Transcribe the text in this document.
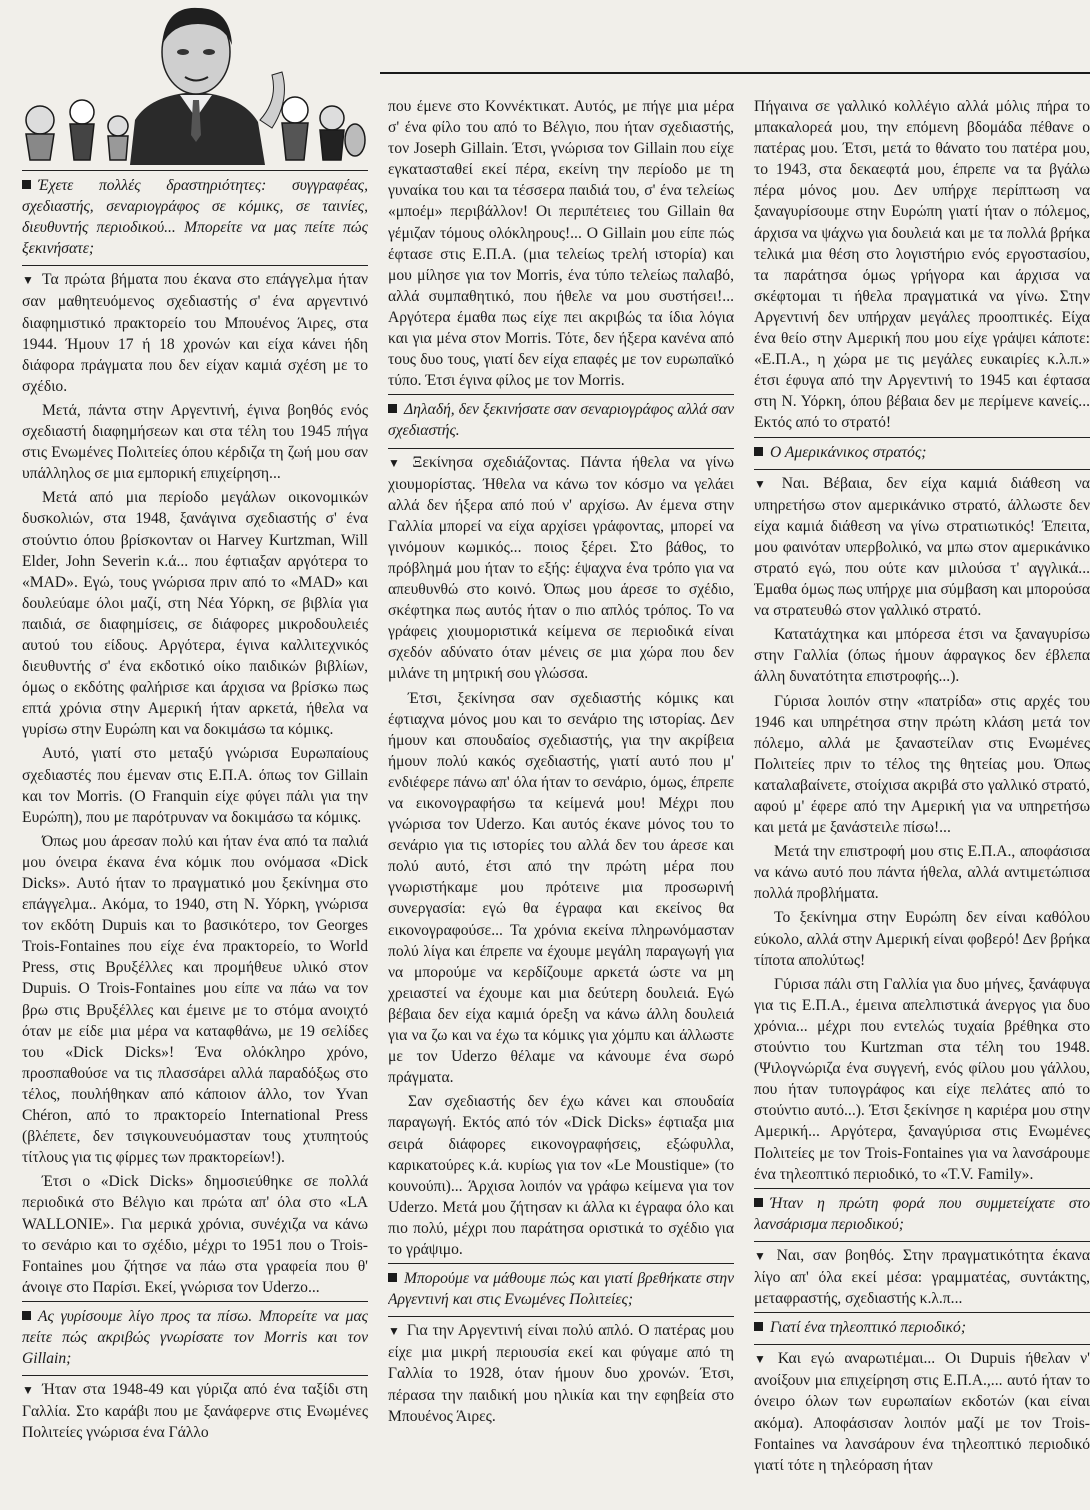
Έχετε πολλές δραστηριότητες: συγγραφέας, σχεδιαστής, σεναριογράφος σε κόμικς, σε ταινίες, διευθυντής περιοδικού... Μπορείτε να μας πείτε πώς ξεκινήσατε;

▼ Τα πρώτα βήματα που έκανα στο επάγγελμα ήταν σαν μαθητευόμενος σχεδιαστής σ' ένα αργεντινό διαφημιστικό πρακτορείο του Μπουένος Άιρες, στα 1944. Ήμουν 17 ή 18 χρονών και είχα κάνει ήδη διάφορα πράγματα που δεν είχαν καμιά σχέση με το σχέδιο.

Μετά, πάντα στην Αργεντινή, έγινα βοηθός ενός σχεδιαστή διαφημήσεων και στα τέλη του 1945 πήγα στις Ενωμένες Πολιτείες όπου κέρδιζα τη ζωή μου σαν υπάλληλος σε μια εμπορική επιχείρηση...

Μετά από μια περίοδο μεγάλων οικονομικών δυσκολιών, στα 1948, ξανάγινα σχεδιαστής σ' ένα στούντιο όπου βρίσκονταν οι Harvey Kurtzman, Will Elder, John Severin κ.ά... που έφτιαξαν αργότερα το «MAD». Εγώ, τους γνώρισα πριν από το «MAD» και δουλεύαμε όλοι μαζί, στη Νέα Υόρκη, σε βιβλία για παιδιά, σε διαφημίσεις, σε διάφορες μικροδουλειές αυτού του είδους. Αργότερα, έγινα καλλιτεχνικός διευθυντής σ' ένα εκδοτικό οίκο παιδικών βιβλίων, όμως ο εκδότης φαλήρισε και άρχισα να βρίσκω πως επτά χρόνια στην Αμερική ήταν αρκετά, ήθελα να γυρίσω στην Ευρώπη και να δοκιμάσω τα κόμικς.

Αυτό, γιατί στο μεταξύ γνώρισα Ευρωπαίους σχεδιαστές που έμεναν στις Ε.Π.Α. όπως τον Gillain και τον Morris. (Ο Franquin είχε φύγει πάλι για την Ευρώπη), που με παρότρυναν να δοκιμάσω τα κόμικς.

Όπως μου άρεσαν πολύ και ήταν ένα από τα παλιά μου όνειρα έκανα ένα κόμικ που ονόμασα «Dick Dicks». Αυτό ήταν το πραγματικό μου ξεκίνημα στο επάγγελμα.. Ακόμα, το 1940, στη Ν. Υόρκη, γνώρισα τον εκδότη Dupuis και το βασικότερο, τον Georges Trois-Fontaines που είχε ένα πρακτορείο, το World Press, στις Βρυξέλλες και προμήθευε υλικό στον Dupuis. Ο Trois-Fontaines μου είπε να πάω να τον βρω στις Βρυξέλλες και έμεινε με το στόμα ανοιχτό όταν με είδε μια μέρα να καταφθάνω, με 19 σελίδες του «Dick Dicks»! Ένα ολόκληρο χρόνο, προσπαθούσε να τις πλασσάρει αλλά παραδόξως στο τέλος, πουλήθηκαν από κάποιον άλλο, τον Yvan Chéron, από το πρακτορείο International Press (βλέπετε, δεν τσιγκουνευόμασταν τους χτυπητούς τίτλους για τις φίρμες των πρακτορείων!).

Έτσι ο «Dick Dicks» δημοσιεύθηκε σε πολλά περιοδικά στο Βέλγιο και πρώτα απ' όλα στο «LA WALLONIE». Για μερικά χρόνια, συνέχιζα να κάνω το σενάριο και το σχέδιο, μέχρι το 1951 που ο Trois-Fontaines μου ζήτησε να πάω στα γραφεία που θ' άνοιγε στο Παρίσι. Εκεί, γνώρισα τον Uderzo...

Ας γυρίσουμε λίγο προς τα πίσω. Μπορείτε να μας πείτε πώς ακριβώς γνωρίσατε τον Morris και τον Gillain;

▼ Ήταν στα 1948-49 και γύριζα από ένα ταξίδι στη Γαλλία. Στο καράβι που με ξανάφερνε στις Ενωμένες Πολιτείες γνώρισα ένα Γάλλο

που έμενε στο Κοννέκτικατ. Αυτός, με πήγε μια μέρα σ' ένα φίλο του από το Βέλγιο, που ήταν σχεδιαστής, τον Joseph Gillain. Έτσι, γνώρισα τον Gillain που είχε εγκατασταθεί εκεί πέρα, εκείνη την περίοδο με τη γυναίκα του και τα τέσσερα παιδιά του, σ' ένα τελείως «μποέμ» περιβάλλον! Οι περιπέτειες του Gillain θα γέμιζαν τόμους ολόκληρους!... Ο Gillain μου είπε πώς έφτασε στις Ε.Π.Α. (μια τελείως τρελή ιστορία) και μου μίλησε για τον Morris, ένα τύπο τελείως παλαβό, αλλά συμπαθητικό, που ήθελε να μου συστήσει!... Αργότερα έμαθα πως είχε πει ακριβώς τα ίδια λόγια και για μένα στον Morris. Τότε, δεν ήξερα κανένα από τους δυο τους, γιατί δεν είχα επαφές με τον ευρωπαϊκό τύπο. Έτσι έγινα φίλος με τον Morris.

Δηλαδή, δεν ξεκινήσατε σαν σεναριογράφος αλλά σαν σχεδιαστής.

▼ Ξεκίνησα σχεδιάζοντας. Πάντα ήθελα να γίνω χιουμορίστας. Ήθελα να κάνω τον κόσμο να γελάει αλλά δεν ήξερα από πού ν' αρχίσω. Αν έμενα στην Γαλλία μπορεί να είχα αρχίσει γράφοντας, μπορεί να γινόμουν κωμικός... ποιος ξέρει. Στο βάθος, το πρόβλημά μου ήταν το εξής: έψαχνα ένα τρόπο για να απευθυνθώ στο κοινό. Όπως μου άρεσε το σχέδιο, σκέφτηκα πως αυτός ήταν ο πιο απλός τρόπος. Το να γράφεις χιουμοριστικά κείμενα σε περιοδικά είναι σχεδόν αδύνατο όταν μένεις σε μια χώρα που δεν μιλάνε τη μητρική σου γλώσσα.

Έτσι, ξεκίνησα σαν σχεδιαστής κόμικς και έφτιαχνα μόνος μου και το σενάριο της ιστορίας. Δεν ήμουν και σπουδαίος σχεδιαστής, για την ακρίβεια ήμουν πολύ κακός σχεδιαστής, γιατί αυτό που μ' ενδιέφερε πάνω απ' όλα ήταν το σενάριο, όμως, έπρεπε να εικονογραφήσω τα κείμενά μου! Μέχρι που γνώρισα τον Uderzo. Και αυτός έκανε μόνος του το σενάριο για τις ιστορίες του αλλά δεν του άρεσε και πολύ αυτό, έτσι από την πρώτη μέρα που γνωριστήκαμε μου πρότεινε μια προσωρινή συνεργασία: εγώ θα έγραφα και εκείνος θα εικονογραφούσε... Τα χρόνια εκείνα πληρωνόμασταν πολύ λίγα και έπρεπε να έχουμε μεγάλη παραγωγή για να μπορούμε να κερδίζουμε αρκετά ώστε να μη χρειαστεί να έχουμε και μια δεύτερη δουλειά. Εγώ βέβαια δεν είχα καμιά όρεξη να κάνω άλλη δουλειά για να ζω και να έχω τα κόμικς για χόμπυ και άλλωστε με τον Uderzo θέλαμε να κάνουμε ένα σωρό πράγματα.

Σαν σχεδιαστής δεν έχω κάνει και σπουδαία παραγωγή. Εκτός από τόν «Dick Dicks» έφτιαξα μια σειρά διάφορες εικονογραφήσεις, εξώφυλλα, καρικατούρες κ.ά. κυρίως για τον «Le Moustique» (το κουνούπι)... Άρχισα λοιπόν να γράφω κείμενα για τον Uderzo. Μετά μου ζήτησαν κι άλλα κι έγραφα όλο και πιο πολύ, μέχρι που παράτησα οριστικά το σχέδιο για το γράψιμο.

Μπορούμε να μάθουμε πώς και γιατί βρεθήκατε στην Αργεντινή και στις Ενωμένες Πολιτείες;

▼ Για την Αργεντινή είναι πολύ απλό. Ο πατέρας μου είχε μια μικρή περιουσία εκεί και φύγαμε από τη Γαλλία το 1928, όταν ήμουν δυο χρονών. Έτσι, πέρασα την παιδική μου ηλικία και την εφηβεία στο Μπουένος Άιρες.

Πήγαινα σε γαλλικό κολλέγιο αλλά μόλις πήρα το μπακαλορεά μου, την επόμενη βδομάδα πέθανε ο πατέρας μου. Έτσι, μετά το θάνατο του πατέρα μου, το 1943, στα δεκαεφτά μου, έπρεπε να τα βγάλω πέρα μόνος μου. Δεν υπήρχε περίπτωση να ξαναγυρίσουμε στην Ευρώπη γιατί ήταν ο πόλεμος, άρχισα να ψάχνω για δουλειά και με τα πολλά βρήκα τελικά μια θέση στο λογιστήριο ενός εργοστασίου, τα παράτησα όμως γρήγορα και άρχισα να σκέφτομαι τι ήθελα πραγματικά να γίνω. Στην Αργεντινή δεν υπήρχαν μεγάλες προοπτικές. Είχα ένα θείο στην Αμερική που μου είχε γράψει κάποτε: «Ε.Π.Α., η χώρα με τις μεγάλες ευκαιρίες κ.λ.π.» έτσι έφυγα από την Αργεντινή το 1945 και έφτασα στη Ν. Υόρκη, όπου βέβαια δεν με περίμενε κανείς... Εκτός από το στρατό!

Ο Αμερικάνικος στρατός;

▼ Ναι. Βέβαια, δεν είχα καμιά διάθεση να υπηρετήσω στον αμερικάνικο στρατό, άλλωστε δεν είχα καμιά διάθεση να γίνω στρατιωτικός! Έπειτα, μου φαινόταν υπερβολικό, να μπω στον αμερικάνικο στρατό εγώ, που ούτε καν μιλούσα τ' αγγλικά... Έμαθα όμως πως υπήρχε μια σύμβαση και μπορούσα να στρατευθώ στον γαλλικό στρατό.

Κατατάχτηκα και μπόρεσα έτσι να ξαναγυρίσω στην Γαλλία (όπως ήμουν άφραγκος δεν έβλεπα άλλη δυνατότητα επιστροφής...).

Γύρισα λοιπόν στην «πατρίδα» στις αρχές του 1946 και υπηρέτησα στην πρώτη κλάση μετά τον πόλεμο, αλλά με ξαναστείλαν στις Ενωμένες Πολιτείες πριν το τέλος της θητείας μου. Όπως καταλαβαίνετε, στοίχισα ακριβά στο γαλλικό στρατό, αφού μ' έφερε από την Αμερική για να υπηρετήσω και μετά με ξανάστειλε πίσω!...

Μετά την επιστροφή μου στις Ε.Π.Α., αποφάσισα να κάνω αυτό που πάντα ήθελα, αλλά αντιμετώπισα πολλά προβλήματα.

Το ξεκίνημα στην Ευρώπη δεν είναι καθόλου εύκολο, αλλά στην Αμερική είναι φοβερό! Δεν βρήκα τίποτα απολύτως!

Γύρισα πάλι στη Γαλλία για δυο μήνες, ξανάφυγα για τις Ε.Π.Α., έμεινα απελπιστικά άνεργος για δυο χρόνια... μέχρι που εντελώς τυχαία βρέθηκα στο στούντιο του Kurtzman στα τέλη του 1948. (Ψιλογνώριζα ένα συγγενή, ενός φίλου μου γάλλου, που ήταν τυπογράφος και είχε πελάτες από το στούντιο αυτό...). Έτσι ξεκίνησε η καριέρα μου στην Αμερική... Αργότερα, ξαναγύρισα στις Ενωμένες Πολιτείες με τον Trois-Fontaines για να λανσάρουμε ένα τηλεοπτικό περιοδικό, το «T.V. Family».

Ήταν η πρώτη φορά που συμμετείχατε στο λανσάρισμα περιοδικού;

▼ Ναι, σαν βοηθός. Στην πραγματικότητα έκανα λίγο απ' όλα εκεί μέσα: γραμματέας, συντάκτης, μεταφραστής, σχεδιαστής κ.λ.π...

Γιατί ένα τηλεοπτικό περιοδικό;

▼ Και εγώ αναρωτιέμαι... Οι Dupuis ήθελαν ν' ανοίξουν μια επιχείρηση στις Ε.Π.Α.,... αυτό ήταν το όνειρο όλων των ευρωπαίων εκδοτών (και είναι ακόμα). Αποφάσισαν λοιπόν μαζί με τον Trois-Fontaines να λανσάρουν ένα τηλεοπτικό περιοδικό γιατί τότε η τηλεόραση ήταν
